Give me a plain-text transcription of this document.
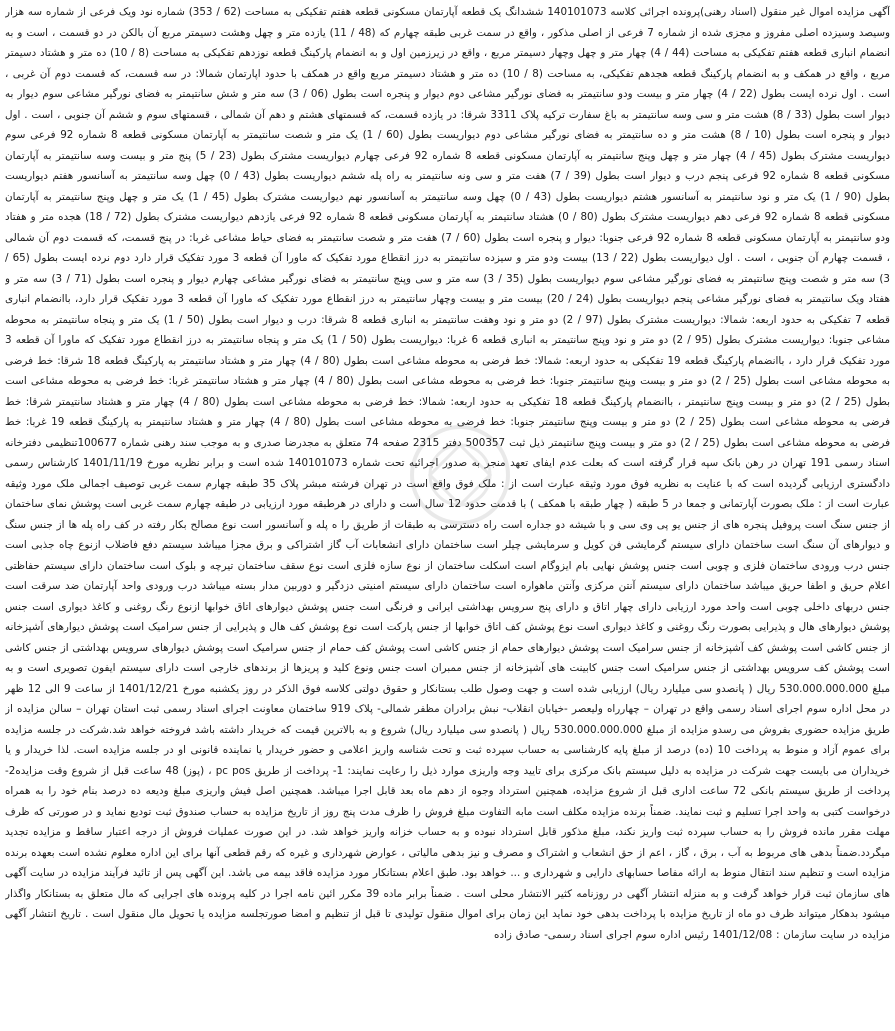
آگهی مزایده اموال غیر منقول (اسناد رهنی)پرونده اجرائی کلاسه 140101073 ششدانگ یک قطعه آپارتمان مسکونی قطعه هفتم تفکیکی به مساحت (62 / 353) شماره نود ویک فرعی از شماره سه هزار وسیصد وسیزده اصلی مفروز و مجزی شده از شماره 7 فرعی از اصلی مذکور ، واقع در سمت غربی طبقه چهارم که (48 / 11) یازده متر و چهل وهشت دسیمتر مربع آن بالکن در دو قسمت ، است و به انضمام انباری قطعه هفتم تفکیکی به مساحت (44 / 4) چهار متر و چهل وچهار دسیمتر مربع ، واقع در زیرزمین اول و به انضمام پارکینگ قطعه نوزدهم تفکیکی به مساحت (8 / 10) ده متر و هشتاد دسیمتر مربع ، واقع در همکف و به انضمام پارکینگ قطعه هجدهم تفکیکی، به مساحت (8 / 10) ده متر و هشتاد دسیمتر مربع واقع در همکف با حدود اپارتمان شمالا: در سه قسمت، که قسمت دوم آن غربی ، است . اول نرده ایست بطول (22 / 4) چهار متر و بیست ودو سانتیمتر به فضای نورگیر مشاعی دوم دیوار و پنجره است بطول (06 / 3) سه متر و شش سانتیمتر به فضای نورگیر مشاعی سوم دیوار به دیوار است بطول (33 / 8) هشت متر و سی وسه سانتیمتر به باغ سفارت ترکیه پلاک 3311 شرقا: در یازده قسمت، که قسمتهای هشتم و دهم آن شمالی ، قسمتهای سوم و ششم آن جنوبی ، است . اول دیوار و پنجره است بطول (10 / 8) هشت متر و ده سانتیمتر به فضای نورگیر مشاعی دوم دیواریست بطول (60 / 1) یک متر و شصت سانتیمتر به آپارتمان مسکونی قطعه 8 شماره 92 فرعی سوم دیواریست مشترک بطول (45 / 4) چهار متر و چهل وپنج سانتیمتر به آپارتمان مسکونی قطعه 8 شماره 92 فرعی چهارم دیواریست مشترک بطول (23 / 5) پنج متر و بیست وسه سانتیمتر به آپارتمان مسکونی قطعه 8 شماره 92 فرعی پنجم درب و دیوار است بطول (39 / 7) هفت متر و سی ونه سانتیمتر به راه پله ششم دیواریست بطول (43 / 0) چهل وسه سانتیمتر به آسانسور هفتم دیواریست بطول (90 / 1) یک متر و نود سانتیمتر به آسانسور هشتم دیواریست بطول (43 / 0) چهل وسه سانتیمتر به آسانسور نهم دیواریست مشترک بطول (45 / 1) یک متر و چهل وپنج سانتیمتر به آپارتمان مسکونی قطعه 8 شماره 92 فرعی دهم دیواریست مشترک بطول (80 / 0) هشتاد سانتیمتر به آپارتمان مسکونی قطعه 8 شماره 92 فرعی یازدهم دیواریست مشترک بطول (72 / 18) هجده متر و هفتاد ودو سانتیمتر به آپارتمان مسکونی قطعه 8 شماره 92 فرعی جنوبا: دیوار و پنجره است بطول (60 / 7) هفت متر و شصت سانتیمتر به فضای حیاط مشاعی غربا: در پنج قسمت، که قسمت دوم آن شمالی ، قسمت چهارم آن جنوبی ، است . اول دیواریست بطول (22 / 13) بیست ودو متر و سیزده سانتیمتر به درز انقطاع مورد تفکیک که ماورا آن قطعه 3 مورد تفکیک قرار دارد دوم نرده ایست بطول (65 / 3) سه متر و شصت وپنج سانتیمتر به فضای نورگیر مشاعی سوم دیواریست بطول (35 / 3) سه متر و سی وپنج سانتیمتر به فضای نورگیر مشاعی چهارم دیوار و پنجره است بطول (71 / 3) سه متر و هفتاد ویک سانتیمتر به فضای نورگیر مشاعی پنجم دیواریست بطول (24 / 20) بیست متر و بیست وچهار سانتیمتر به درز انقطاع مورد تفکیک که ماورا آن قطعه 3 مورد تفکیک قرار دارد، باانضمام انباری قطعه 7 تفکیکی به حدود اربعه: شمالا: دیواریست مشترک بطول (97 / 2) دو متر و نود وهفت سانتیمتر به انباری قطعه 8 شرقا: درب و دیوار است بطول (50 / 1) یک متر و پنجاه سانتیمتر به محوطه مشاعی جنوبا: دیواریست مشترک بطول (95 / 2) دو متر و نود وپنج سانتیمتر به انباری قطعه 6 غربا: دیواریست بطول (50 / 1) یک متر و پنجاه سانتیمتر به درز انقطاع مورد تفکیک که ماورا آن قطعه 3 مورد تفکیک قرار دارد ، باانضمام پارکینگ قطعه 19 تفکیکی به حدود اربعه: شمالا: خط فرضی به محوطه مشاعی است بطول (80 / 4) چهار متر و هشتاد سانتیمتر به پارکینگ قطعه 18 شرقا: خط فرضی به محوطه مشاعی است بطول (25 / 2) دو متر و بیست وپنج سانتیمتر جنوبا: خط فرضی به محوطه مشاعی است بطول (80 / 4) چهار متر و هشتاد سانتیمتر غربا: خط فرضی به محوطه مشاعی است بطول (25 / 2) دو متر و بیست وپنج سانتیمتر ، باانضمام پارکینگ قطعه 18 تفکیکی به حدود اربعه: شمالا: خط فرضی به محوطه مشاعی است بطول (80 / 4) چهار متر و هشتاد سانتیمتر شرقا: خط فرضی به محوطه مشاعی است بطول (25 / 2) دو متر و بیست وپنج سانتیمتر جنوبا: خط فرضی به محوطه مشاعی است بطول (80 / 4) چهار متر و هشتاد سانتیمتر به پارکینگ قطعه 19 غربا: خط فرضی به محوطه مشاعی است بطول (25 / 2) دو متر و بیست وپنج سانتیمتر ذیل ثبت 500357 دفتر 2315 صفحه 74 متعلق به مجدرضا صدری و به موجب سند رهنی شماره 100677تنظیمی دفترخانه اسناد رسمی 191 تهران در رهن بانک سپه قرار گرفته است که بعلت عدم ایفای تعهد منجر به صدور اجرائیه تحت شماره 140101073 شده است و برابر نظریه مورخ 1401/11/19 کارشناس رسمی دادگستری ارزیابی گردیده است که با عنایت به نظریه فوق مورد وثیقه عبارت است از : ملک فوق واقع است در تهران فرشته مبشر پلاک 35 طبقه چهارم سمت غربی توصیف اجمالی ملک مورد وثیقه عبارت است از : ملک بصورت آپارتمانی و جمعا در 5 طبقه ( چهار طبقه با همکف ) با قدمت حدود 12 سال است و دارای در هرطبقه مورد ارزیابی در طبقه چهارم سمت غربی است پوشش نمای ساختمان از جنس سنگ است پروفیل پنجره های از جنس یو پی وی سی و با شیشه دو جداره است راه دسترسی به طبقات از طریق را ه پله و آسانسور است نوع مصالح بکار رفته در کف راه پله ها از جنس سنگ و دیوارهای آن سنگ است ساختمان دارای سیستم گرمایشی فن کویل و سرمایشی چیلر است ساختمان دارای انشعابات آب گاز اشتراکی و برق مجزا میباشد سیستم دفع فاضلاب ازنوع چاه جذبی است جنس درب ورودی ساختمان فلزی و چوبی است جنس پوشش نهایی بام ایزوگام است اسکلت ساختمان از نوع سازه فلزی است نوع سقف ساختمان تیرچه و بلوک است ساختمان دارای سیستم حفاظتی اعلام حریق و اطفا حریق میباشد ساختمان دارای سیستم آنتن مرکزی وآنتن ماهواره است ساختمان دارای سیستم امنیتی دزدگیر و دوربین مدار بسته میباشد درب ورودی واحد آپارتمان ضد سرقت است جنس دربهای داخلی چوبی است واحد مورد ارزیابی دارای چهار اتاق و دارای پنج سرویس بهداشتی ایرانی و فرنگی است جنس پوشش دیوارهای اتاق خوابها ازنوع رنگ روغنی و کاغذ دیواری است جنس پوشش دیوارهای هال و پذیرایی بصورت رنگ روغنی و کاغذ دیواری است نوع پوشش کف اتاق خوابها از جنس پارکت است نوع پوشش کف هال و پذیرایی از جنس سرامیک است پوشش دیوارهای آشپزخانه از جنس کاشی است پوشش کف آشپزخانه از جنس سرامیک است پوشش دیوارهای حمام از جنس کاشی است پوشش کف حمام از جنس سرامیک است پوشش دیوارهای سرویس بهداشتی از جنس کاشی است پوشش کف سرویس بهداشتی از جنس سرامیک است جنس کابینت های آشپزخانه از جنس ممبران است جنس ونوع کلید و پریزها از برندهای خارجی است دارای سیستم ایفون تصویری است و به مبلغ 530.000.000.000 ریال ( پانصدو سی میلیارد ریال) ارزیابی شده است و جهت وصول طلب بستانکار و حقوق دولتی کلاسه فوق الذکر در روز یکشنبه مورخ 1401/12/21 از ساعت 9 الی 12 ظهر در محل اداره سوم اجرای اسناد رسمی واقع در تهران – چهارراه ولیعصر -خیابان انقلاب- نبش برادران مظفر شمالی- پلاک 919 ساختمان معاونت اجرای اسناد رسمی ثبت استان تهران – سالن مزایده از طریق مزایده حضوری بفروش می رسدو مزایده از مبلغ 530.000.000.000 ریال ( پانصدو سی میلیارد ریال) شروع و به بالاترین قیمت که خریدار داشته باشد فروخته خواهد شد.شرکت در جلسه مزایده برای عموم آزاد و منوط به پرداخت 10 (ده) درصد از مبلغ پایه کارشناسی به حساب سپرده ثبت و تحت شناسه واریز اعلامی و حضور خریدار یا نماینده قانونی او در جلسه مزایده است. لذا خریدار و یا خریداران می بایست جهت شرکت در مزایده به دلیل سیستم بانک مرکزی برای تایید وجه واریزی موارد ذیل را رعایت نمایند: 1- پرداخت از طریق pc pos ، (پوز) 48 ساعت قبل از شروع وقت مزایده2- پرداخت از طریق سیستم بانکی 72 ساعت اداری قبل از شروع مزایده، همچنین استرداد وجوه از دهم ماه بعد قابل اجرا میباشد. همچنین اصل فیش واریزی مبلغ ودیعه ده درصد بنام خود را به همراه درخواست کتبی به واحد اجرا تسلیم و ثبت نمایند. ضمناً برنده مزایده مکلف است مابه التفاوت مبلغ فروش را ظرف مدت پنج روز از تاریخ مزایده به حساب صندوق ثبت تودیع نماید و در صورتی که ظرف مهلت مقرر مانده فروش را به حساب سپرده ثبت واریز نکند، مبلغ مذکور قابل استرداد نبوده و به حساب خزانه واریز خواهد شد. در این صورت عملیات فروش از درجه اعتبار ساقط و مزایده تجدید میگردد.ضمناً بدهی های مربوط به آب ، برق ، گاز ، اعم از حق انشعاب و اشتراک و مصرف و نیز بدهی مالیاتی ، عوارض شهرداری و غیره که رقم قطعی آنها برای این اداره معلوم نشده است بعهده برنده مزایده است و تنظیم سند انتقال منوط به ارائه مفاصا حسابهای دارایی و شهرداری و ... خواهد بود. طبق اعلام بستانکار مورد مزایده فاقد بیمه می باشد. این آگهی پس از تائید فرآیند مزایده در سایت آگهی های سازمان ثبت قرار خواهد گرفت و به منزله انتشار آگهی در روزنامه کثیر الانتشار محلی است . ضمناً برابر ماده 39 مکرر ائین نامه اجرا در کلیه پرونده های اجرایی که مال متعلق به بستانکار واگذار میشود بدهکار میتواند ظرف دو ماه از تاریخ مزایده با پرداخت بدهی خود نماید این زمان برای اموال منقول تولیدی تا قبل از تنظیم و امضا صورتجلسه مزایده یا تحویل مال منقول است . تاریخ انتشار آگهی مزایده در سایت سازمان : 1401/12/08 رئیس اداره سوم اجرای اسناد رسمی- صادق زاده
